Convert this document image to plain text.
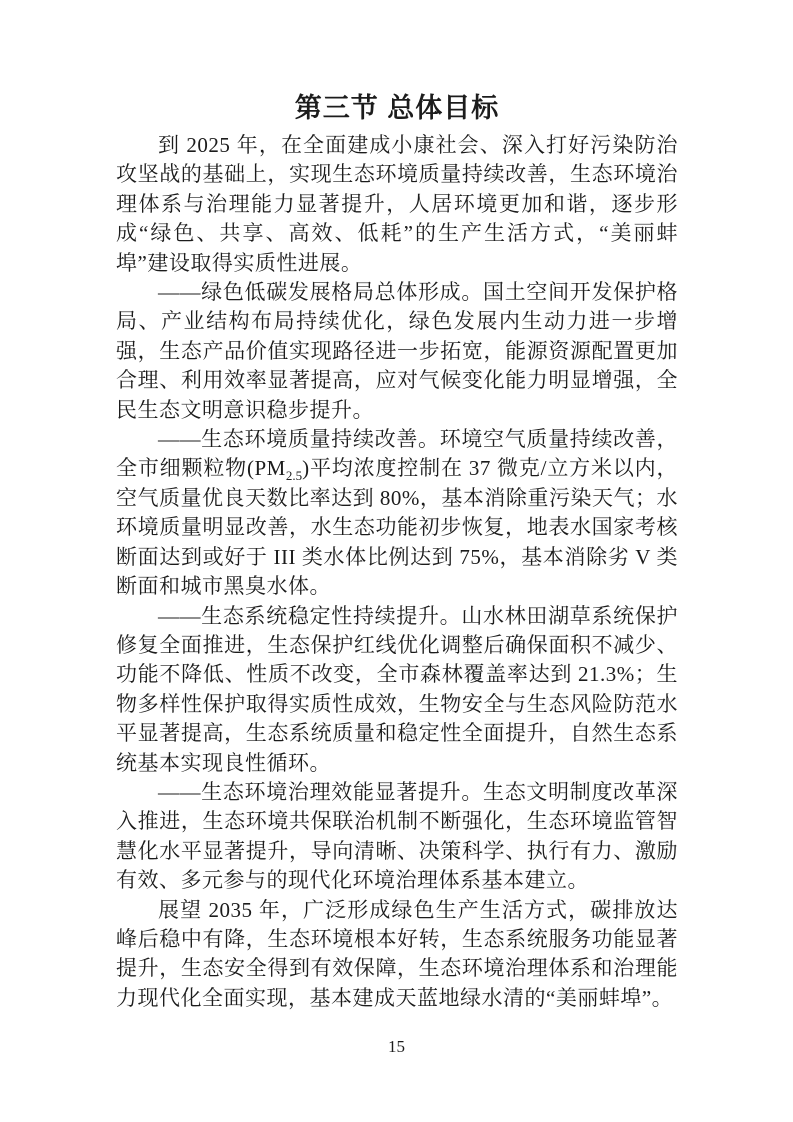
第三节 总体目标

到 2025 年，在全面建成小康社会、深入打好污染防治攻坚战的基础上，实现生态环境质量持续改善，生态环境治理体系与治理能力显著提升，人居环境更加和谐，逐步形成“绿色、共享、高效、低耗”的生产生活方式，“美丽蚌埠”建设取得实质性进展。

——绿色低碳发展格局总体形成。国土空间开发保护格局、产业结构布局持续优化，绿色发展内生动力进一步增强，生态产品价值实现路径进一步拓宽，能源资源配置更加合理、利用效率显著提高，应对气候变化能力明显增强，全民生态文明意识稳步提升。

——生态环境质量持续改善。环境空气质量持续改善，全市细颗粒物$(PM_{2.5})$平均浓度控制在 37 微克/立方米以内，空气质量优良天数比率达到 80%，基本消除重污染天气；水环境质量明显改善，水生态功能初步恢复，地表水国家考核断面达到或好于 III 类水体比例达到 75%，基本消除劣 V 类断面和城市黑臭水体。

——生态系统稳定性持续提升。山水林田湖草系统保护修复全面推进，生态保护红线优化调整后确保面积不减少、功能不降低、性质不改变，全市森林覆盖率达到 21.3%；生物多样性保护取得实质性成效，生物安全与生态风险防范水平显著提高，生态系统质量和稳定性全面提升，自然生态系统基本实现良性循环。

——生态环境治理效能显著提升。生态文明制度改革深入推进，生态环境共保联治机制不断强化，生态环境监管智慧化水平显著提升，导向清晰、决策科学、执行有力、激励有效、多元参与的现代化环境治理体系基本建立。

展望 2035 年，广泛形成绿色生产生活方式，碳排放达峰后稳中有降，生态环境根本好转，生态系统服务功能显著提升，生态安全得到有效保障，生态环境治理体系和治理能力现代化全面实现，基本建成天蓝地绿水清的“美丽蚌埠”。

15
